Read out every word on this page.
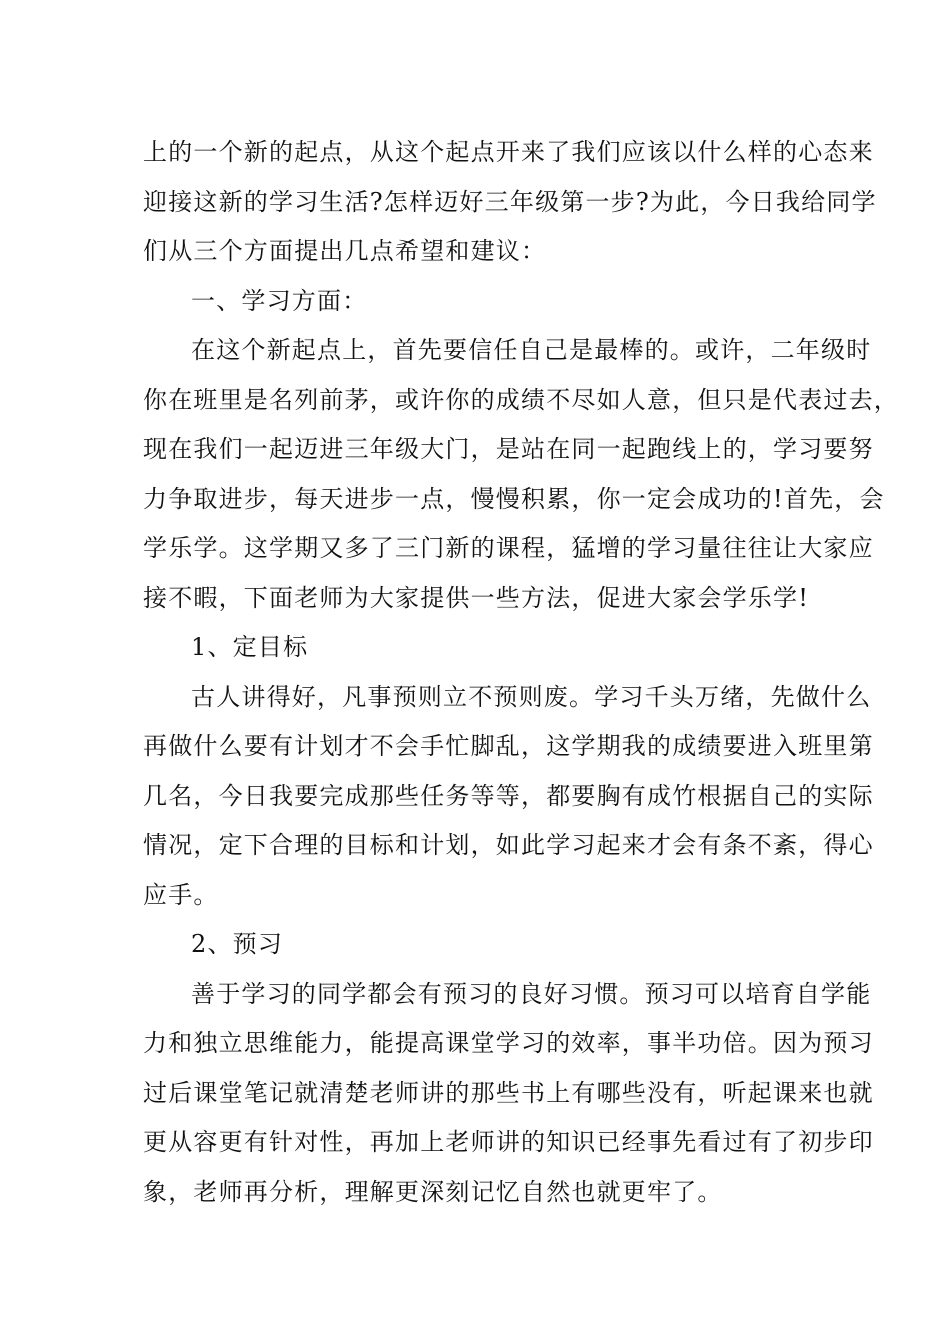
上的一个新的起点，从这个起点开来了我们应该以什么样的心态来
迎接这新的学习生活?怎样迈好三年级第一步?为此，今日我给同学
们从三个方面提出几点希望和建议：
一、学习方面：
在这个新起点上，首先要信任自己是最棒的。或许，二年级时
你在班里是名列前茅，或许你的成绩不尽如人意，但只是代表过去，
现在我们一起迈进三年级大门，是站在同一起跑线上的，学习要努
力争取进步，每天进步一点，慢慢积累，你一定会成功的!首先，会
学乐学。这学期又多了三门新的课程，猛增的学习量往往让大家应
接不暇，下面老师为大家提供一些方法，促进大家会学乐学!
1、定目标
古人讲得好，凡事预则立不预则废。学习千头万绪，先做什么
再做什么要有计划才不会手忙脚乱，这学期我的成绩要进入班里第
几名，今日我要完成那些任务等等，都要胸有成竹根据自己的实际
情况，定下合理的目标和计划，如此学习起来才会有条不紊，得心
应手。
2、预习
善于学习的同学都会有预习的良好习惯。预习可以培育自学能
力和独立思维能力，能提高课堂学习的效率，事半功倍。因为预习
过后课堂笔记就清楚老师讲的那些书上有哪些没有，听起课来也就
更从容更有针对性，再加上老师讲的知识已经事先看过有了初步印
象，老师再分析，理解更深刻记忆自然也就更牢了。
